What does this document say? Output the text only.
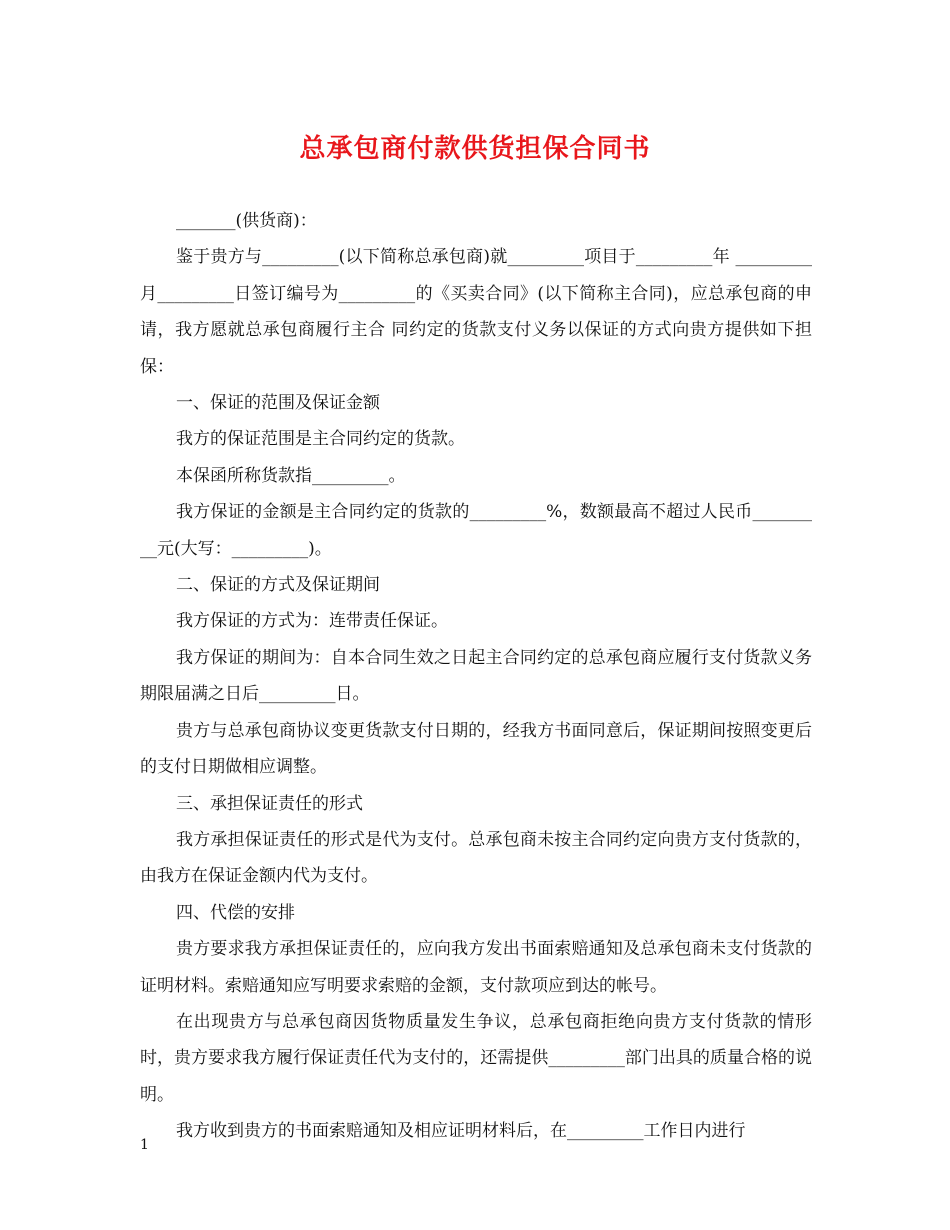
总承包商付款供货担保合同书

_______(供货商)：

鉴于贵方与_________(以下简称总承包商)就_________项目于_________年 _________月_________日签订编号为_________的《买卖合同》(以下简称主合同)，应总承包商的申请，我方愿就总承包商履行主合 同约定的货款支付义务以保证的方式向贵方提供如下担保：

一、保证的范围及保证金额

我方的保证范围是主合同约定的货款。

本保函所称货款指_________。

我方保证的金额是主合同约定的货款的_________%，数额最高不超过人民币_________元(大写：_________)。

二、保证的方式及保证期间

我方保证的方式为：连带责任保证。

我方保证的期间为：自本合同生效之日起主合同约定的总承包商应履行支付货款义务期限届满之日后_________日。

贵方与总承包商协议变更货款支付日期的，经我方书面同意后，保证期间按照变更后的支付日期做相应调整。

三、承担保证责任的形式

我方承担保证责任的形式是代为支付。总承包商未按主合同约定向贵方支付货款的，由我方在保证金额内代为支付。

四、代偿的安排

贵方要求我方承担保证责任的，应向我方发出书面索赔通知及总承包商未支付货款的证明材料。索赔通知应写明要求索赔的金额，支付款项应到达的帐号。

在出现贵方与总承包商因货物质量发生争议，总承包商拒绝向贵方支付货款的情形时，贵方要求我方履行保证责任代为支付的，还需提供_________部门出具的质量合格的说明。

我方收到贵方的书面索赔通知及相应证明材料后，在_________工作日内进行

1
